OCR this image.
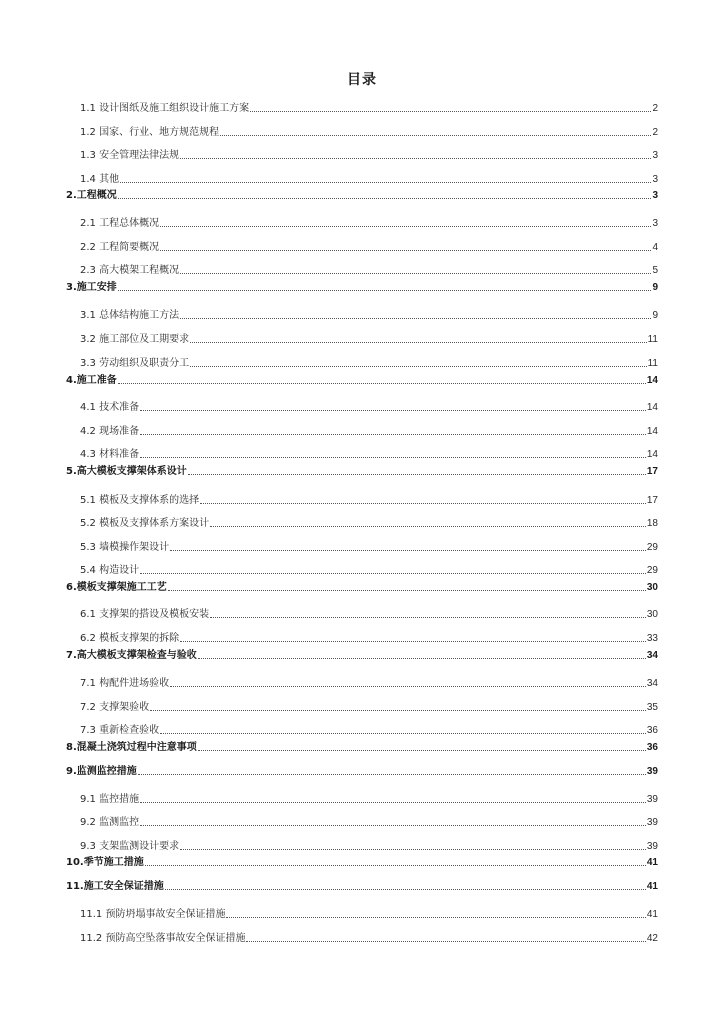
目录
1.1 设计图纸及施工组织设计施工方案	2
1.2 国家、行业、地方规范规程	2
1.3 安全管理法律法规	3
1.4 其他	3
2.工程概况	3
2.1 工程总体概况	3
2.2 工程简要概况	4
2.3 高大模架工程概况	5
3.施工安排	9
3.1 总体结构施工方法	9
3.2 施工部位及工期要求	11
3.3 劳动组织及职责分工	11
4.施工准备	14
4.1 技术准备	14
4.2 现场准备	14
4.3 材料准备	14
5.高大模板支撑架体系设计	17
5.1 模板及支撑体系的选择	17
5.2 模板及支撑体系方案设计	18
5.3 墙模操作架设计	29
5.4 构造设计	29
6.模板支撑架施工工艺	30
6.1 支撑架的搭设及模板安装	30
6.2 模板支撑架的拆除	33
7.高大模板支撑架检查与验收	34
7.1 构配件进场验收	34
7.2 支撑架验收	35
7.3 重新检查验收	36
8.混凝土浇筑过程中注意事项	36
9.监测监控措施	39
9.1 监控措施	39
9.2 监测监控	39
9.3 支架监测设计要求	39
10.季节施工措施	41
11.施工安全保证措施	41
11.1 预防坍塌事故安全保证措施	41
11.2 预防高空坠落事故安全保证措施	42
